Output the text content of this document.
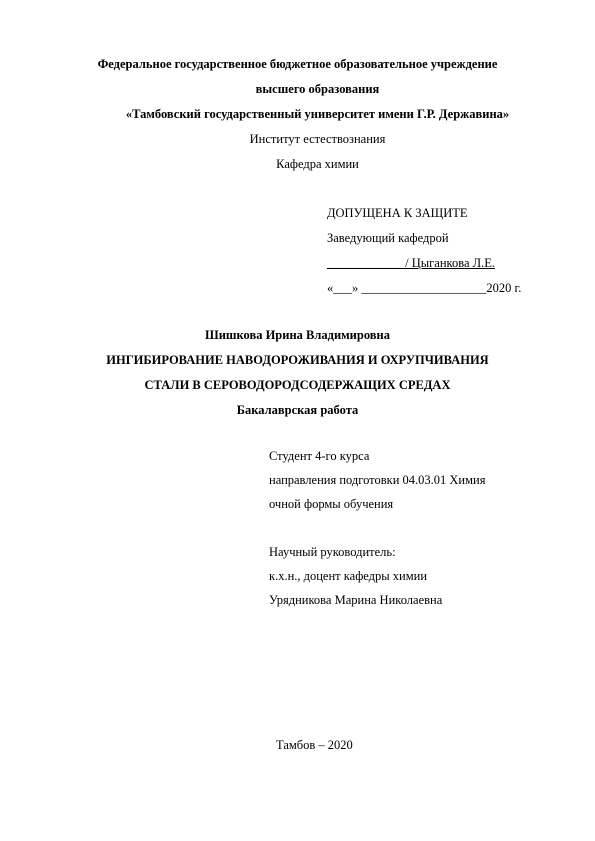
Федеральное государственное бюджетное образовательное учреждение
высшего образования
«Тамбовский государственный университет имени Г.Р. Державина»
Институт естествознания
Кафедра химии
ДОПУЩЕНА К ЗАЩИТЕ
Заведующий кафедрой
____________ / Цыганкова Л.Е.
«___» ____________________2020 г.
Шишкова Ирина Владимировна
ИНГИБИРОВАНИЕ НАВОДОРОЖИВАНИЯ И ОХРУПЧИВАНИЯ
СТАЛИ В СЕРОВОДОРОДСОДЕРЖАЩИХ СРЕДАХ
Бакалаврская работа
Студент 4-го курса
направления подготовки 04.03.01 Химия
очной формы обучения
Научный руководитель:
к.х.н., доцент кафедры химии
Урядникова Марина Николаевна
Тамбов – 2020
